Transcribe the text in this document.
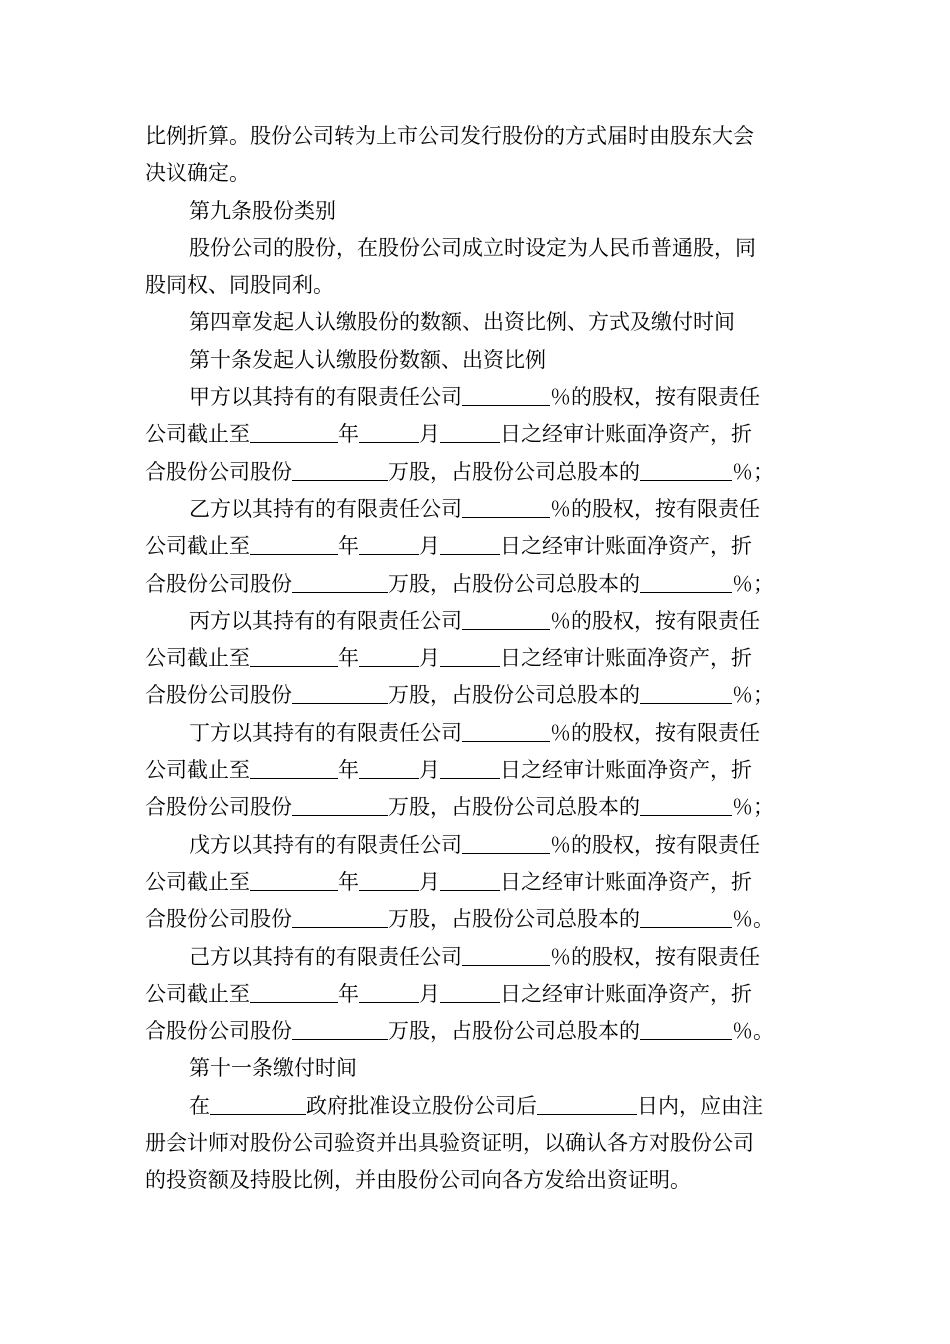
比例折算。股份公司转为上市公司发行股份的方式届时由股东大会
决议确定。
第九条股份类别
股份公司的股份，在股份公司成立时设定为人民币普通股，同
股同权、同股同利。
第四章发起人认缴股份的数额、出资比例、方式及缴付时间
第十条发起人认缴股份数额、出资比例
甲方以其持有的有限责任公司	％的股权，按有限责任
公司截止至	年	月	日之经审计账面净资产，折
合股份公司股份	万股，占股份公司总股本的	％；
乙方以其持有的有限责任公司	％的股权，按有限责任
公司截止至	年	月	日之经审计账面净资产，折
合股份公司股份	万股，占股份公司总股本的	％；
丙方以其持有的有限责任公司	％的股权，按有限责任
公司截止至	年	月	日之经审计账面净资产，折
合股份公司股份	万股，占股份公司总股本的	％；
丁方以其持有的有限责任公司	％的股权，按有限责任
公司截止至	年	月	日之经审计账面净资产，折
合股份公司股份	万股，占股份公司总股本的	％；
戊方以其持有的有限责任公司	％的股权，按有限责任
公司截止至	年	月	日之经审计账面净资产，折
合股份公司股份	万股，占股份公司总股本的	％。
己方以其持有的有限责任公司	％的股权，按有限责任
公司截止至	年	月	日之经审计账面净资产，折
合股份公司股份	万股，占股份公司总股本的	％。
第十一条缴付时间
在	政府批准设立股份公司后	日内，应由注
册会计师对股份公司验资并出具验资证明，以确认各方对股份公司
的投资额及持股比例，并由股份公司向各方发给出资证明。
